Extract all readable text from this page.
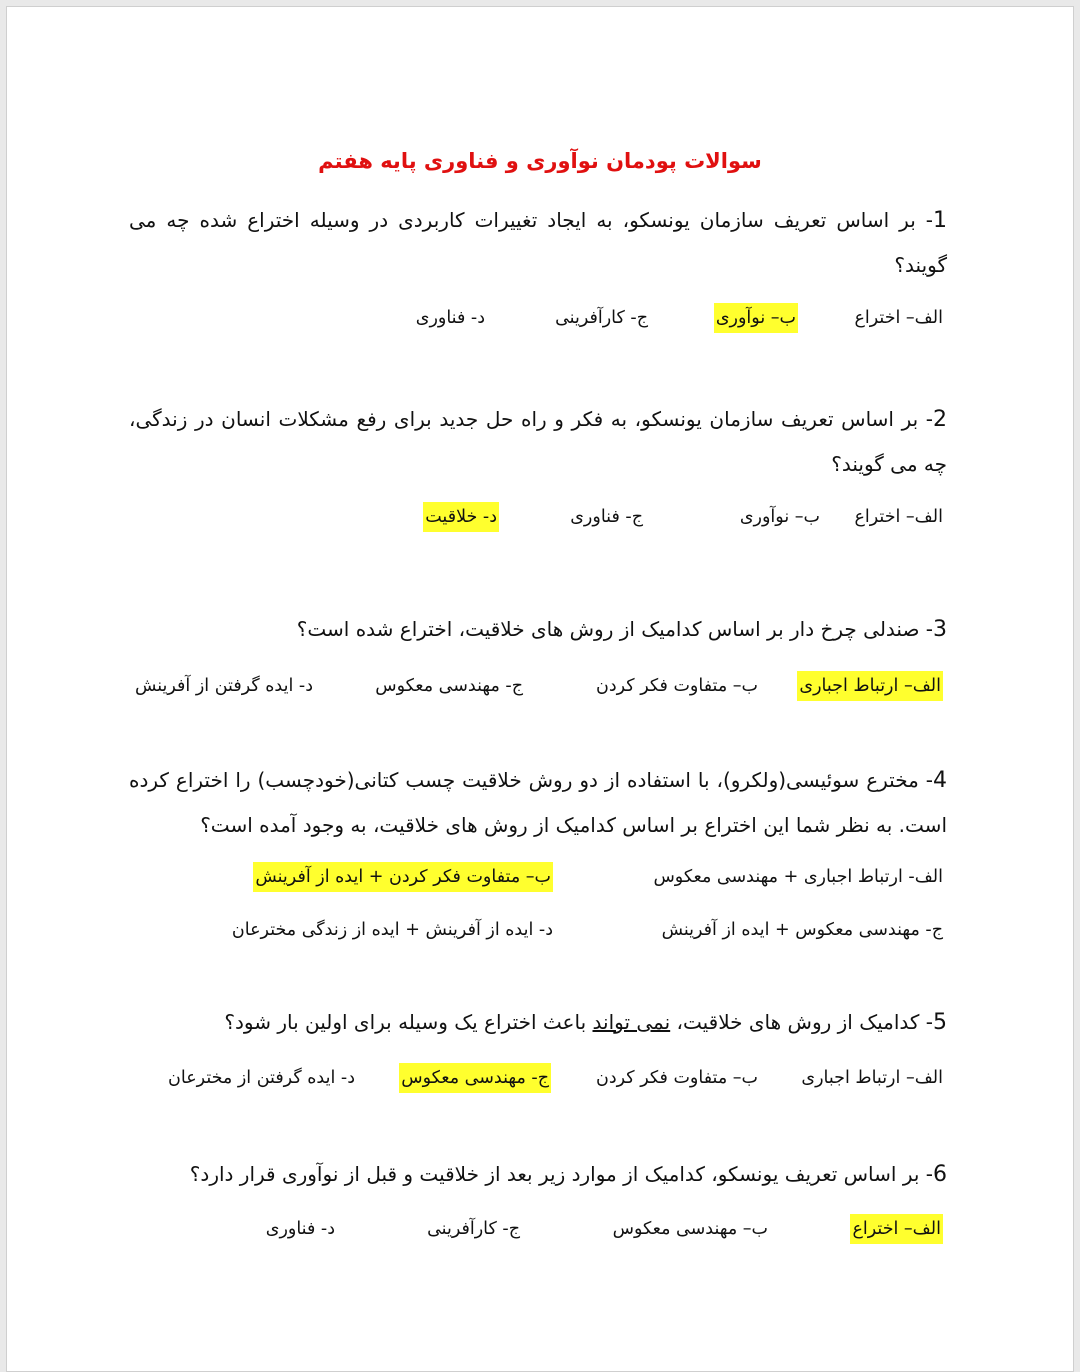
سوالات پودمان نوآوری و فناوری پایه هفتم
1- بر اساس تعریف سازمان یونسکو، به ایجاد تغییرات کاربردی در وسیله اختراع شده چه می گویند؟
الف– اختراع
ب– نوآوری
ج- کارآفرینی
د- فناوری
2- بر اساس تعریف سازمان یونسکو، به فکر و راه حل جدید برای رفع مشکلات انسان در زندگی، چه می گویند؟
الف– اختراع
ب– نوآوری
ج- فناوری
د- خلاقیت
3- صندلی چرخ دار بر اساس کدامیک از روش های خلاقیت، اختراع شده است؟
الف– ارتباط اجباری
ب– متفاوت فکر کردن
ج- مهندسی معکوس
د- ایده گرفتن از آفرینش
4- مخترع سوئیسی(ولکرو)، با استفاده از دو روش خلاقیت چسب کتانی(خودچسب) را اختراع کرده است. به نظر شما این اختراع بر اساس کدامیک از روش های خلاقیت، به وجود آمده است؟
الف- ارتباط اجباری + مهندسی معکوس
ب– متفاوت فکر کردن + ایده از آفرینش
ج- مهندسی معکوس + ایده از آفرینش
د- ایده از آفرینش + ایده از زندگی مخترعان
5- کدامیک از روش های خلاقیت، نمی تواند باعث اختراع یک وسیله برای اولین بار شود؟
الف– ارتباط اجباری
ب– متفاوت فکر کردن
ج- مهندسی معکوس
د- ایده گرفتن از مخترعان
6- بر اساس تعریف یونسکو، کدامیک از موارد زیر بعد از خلاقیت و قبل از نوآوری قرار دارد؟
الف– اختراع
ب– مهندسی معکوس
ج- کارآفرینی
د- فناوری
